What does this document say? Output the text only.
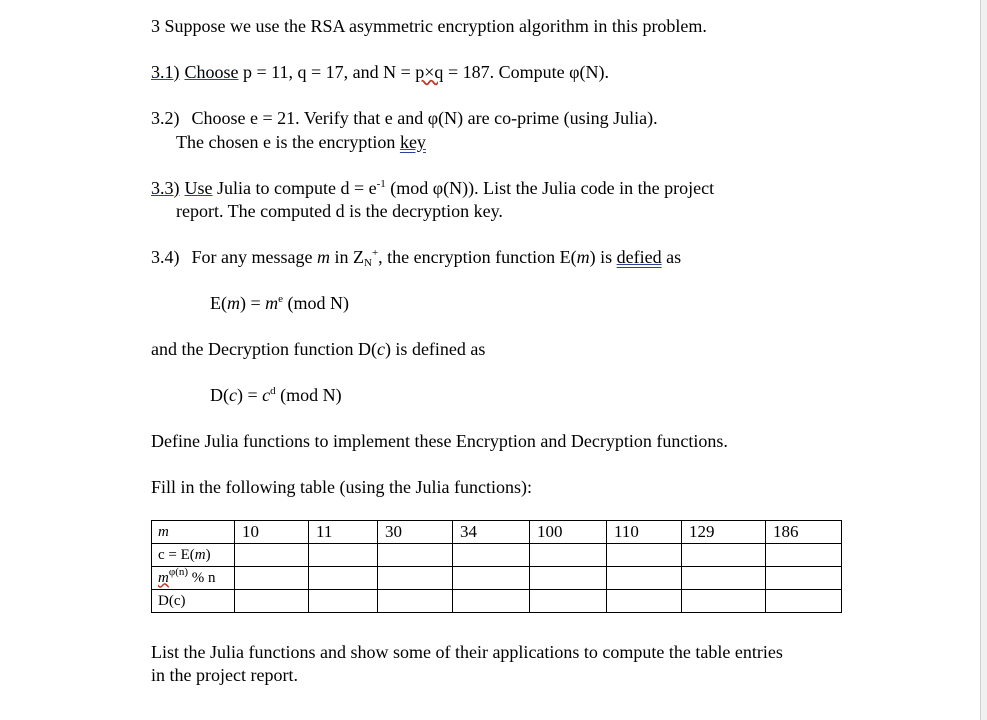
3 Suppose we use the RSA asymmetric encryption algorithm in this problem.
3.1) Choose p = 11, q = 17, and N = p×q = 187. Compute φ(N).
3.2) Choose e = 21. Verify that e and φ(N) are co-prime (using Julia).
The chosen e is the encryption key
3.3) Use Julia to compute $d = e^{-1}$ (mod φ(N)). List the Julia code in the project
report. The computed d is the decryption key.
3.4) For any message m in $Z_N^+$, the encryption function E(m) is defied as
$E(m) = m^e$ (mod N)
and the Decryption function D(c) is defined as
$D(c) = c^d$ (mod N)
Define Julia functions to implement these Encryption and Decryption functions.
Fill in the following table (using the Julia functions):
m	10	11	30	34	100	110	129	186
c = E(m)								
$m^{\varphi(n)}$ % n								
D(c)								
List the Julia functions and show some of their applications to compute the table entries
in the project report.
